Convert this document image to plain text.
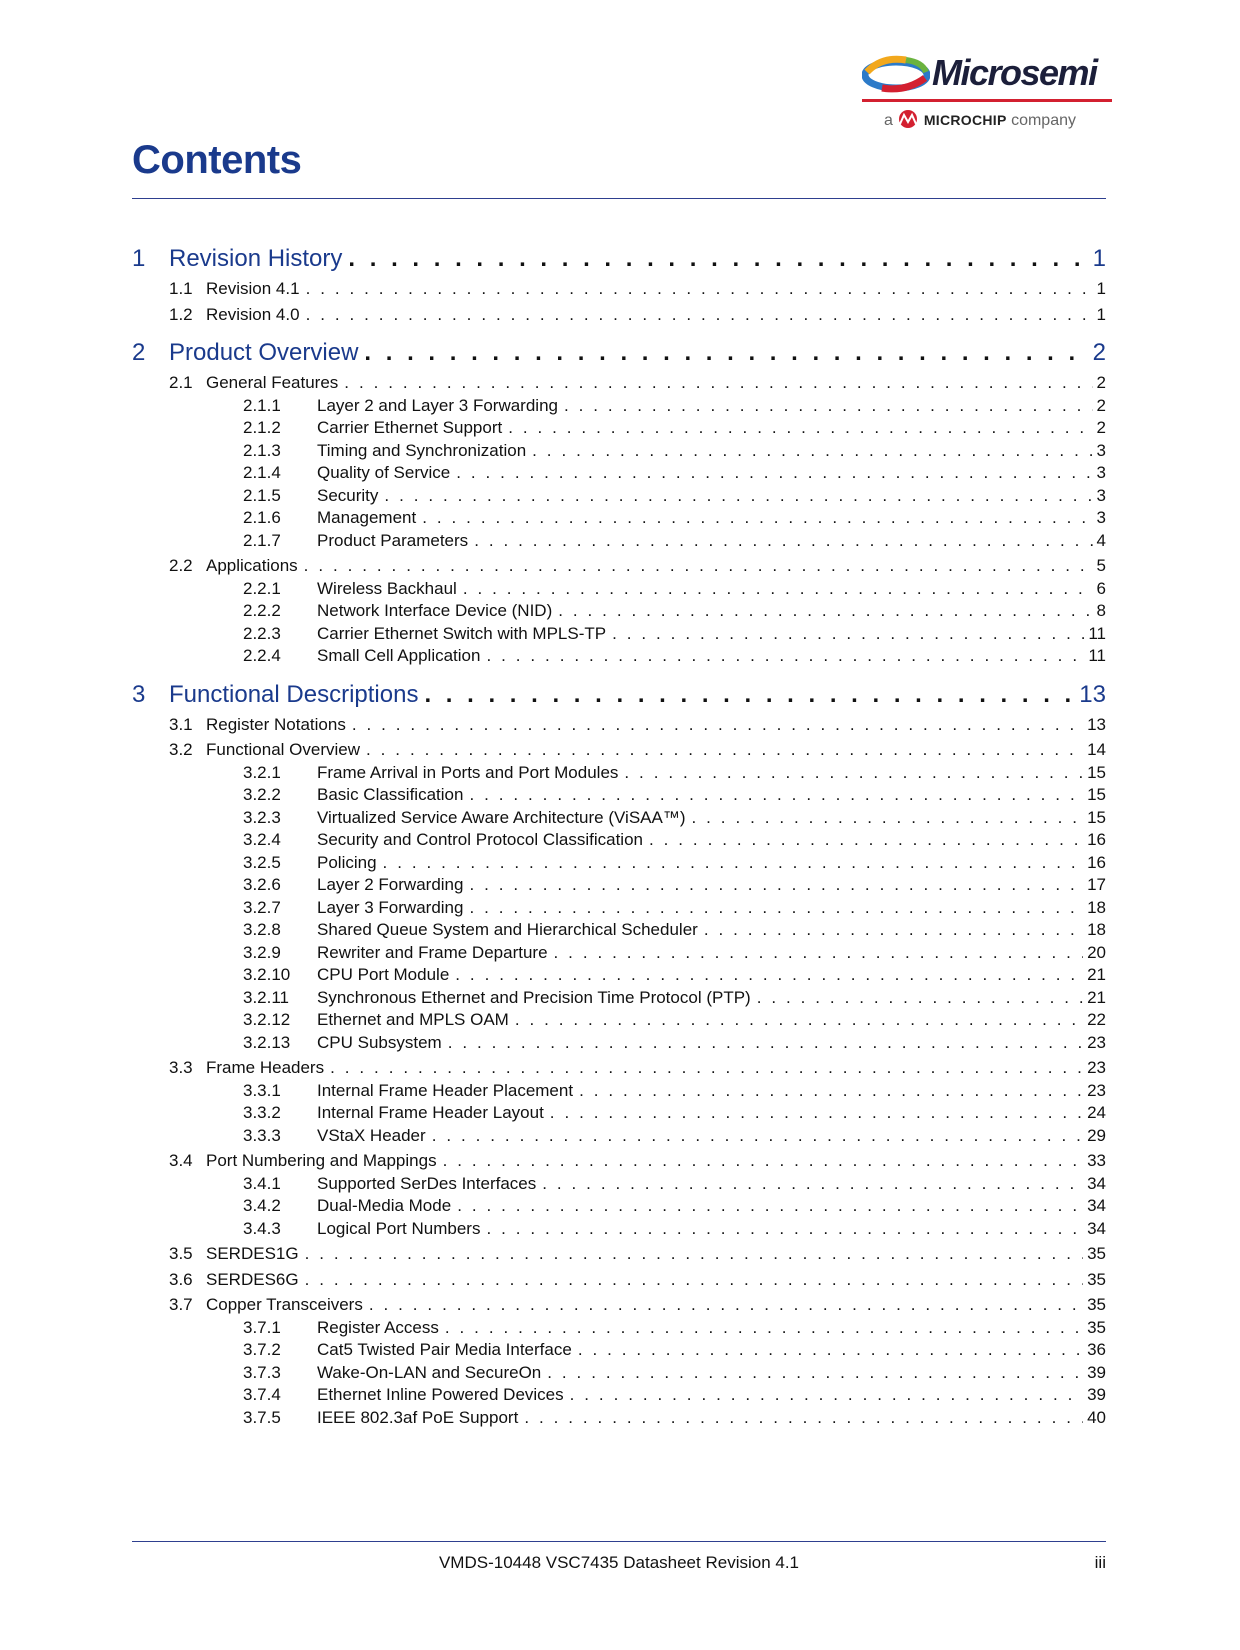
Microsemi
a MICROCHIP company
Contents
1 Revision History . . .	1
1.1 Revision 4.1 . . .	1
1.2 Revision 4.0 . . .	1
2 Product Overview . . .	2
2.1 General Features . . .	2
2.1.1	Layer 2 and Layer 3 Forwarding . . .	2
2.1.2	Carrier Ethernet Support . . .	2
2.1.3	Timing and Synchronization . . .	3
2.1.4	Quality of Service . . .	3
2.1.5	Security . . .	3
2.1.6	Management . . .	3
2.1.7	Product Parameters . . .	4
2.2 Applications . . .	5
2.2.1	Wireless Backhaul . . .	6
2.2.2	Network Interface Device (NID) . . .	8
2.2.3	Carrier Ethernet Switch with MPLS-TP . . .	11
2.2.4	Small Cell Application . . .	11
3 Functional Descriptions . . .	13
3.1 Register Notations . . .	13
3.2 Functional Overview . . .	14
3.2.1	Frame Arrival in Ports and Port Modules . . .	15
3.2.2	Basic Classification . . .	15
3.2.3	Virtualized Service Aware Architecture (ViSAA™) . . .	15
3.2.4	Security and Control Protocol Classification . . .	16
3.2.5	Policing . . .	16
3.2.6	Layer 2 Forwarding . . .	17
3.2.7	Layer 3 Forwarding . . .	18
3.2.8	Shared Queue System and Hierarchical Scheduler . . .	18
3.2.9	Rewriter and Frame Departure . . .	20
3.2.10	CPU Port Module . . .	21
3.2.11	Synchronous Ethernet and Precision Time Protocol (PTP) . . .	21
3.2.12	Ethernet and MPLS OAM . . .	22
3.2.13	CPU Subsystem . . .	23
3.3 Frame Headers . . .	23
3.3.1	Internal Frame Header Placement . . .	23
3.3.2	Internal Frame Header Layout . . .	24
3.3.3	VStaX Header . . .	29
3.4 Port Numbering and Mappings . . .	33
3.4.1	Supported SerDes Interfaces . . .	34
3.4.2	Dual-Media Mode . . .	34
3.4.3	Logical Port Numbers . . .	34
3.5 SERDES1G . . .	35
3.6 SERDES6G . . .	35
3.7 Copper Transceivers . . .	35
3.7.1	Register Access . . .	35
3.7.2	Cat5 Twisted Pair Media Interface . . .	36
3.7.3	Wake-On-LAN and SecureOn . . .	39
3.7.4	Ethernet Inline Powered Devices . . .	39
3.7.5	IEEE 802.3af PoE Support . . .	40
VMDS-10448 VSC7435 Datasheet Revision 4.1	iii
